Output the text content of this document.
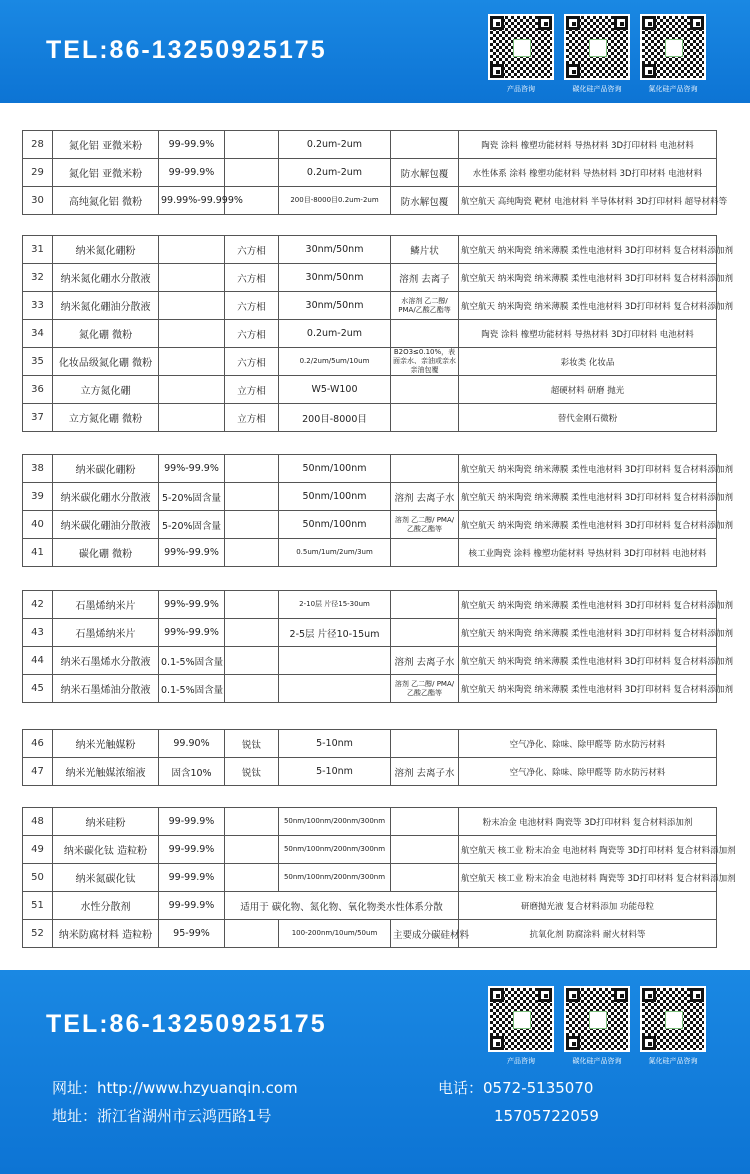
TEL:86-13250925175
产品咨询	碳化硅产品咨询	氮化硅产品咨询
28	氮化铝 亚微米粉	99-99.9%		0.2um-2um		陶瓷 涂料 橡塑功能材料 导热材料 3D打印材料 电池材料
29	氮化铝 亚微米粉	99-99.9%		0.2um-2um	防水解包覆	水性体系 涂料 橡塑功能材料 导热材料 3D打印材料 电池材料
30	高纯氮化铝 微粉	99.99%-99.999%		200目-8000目0.2um-2um	防水解包覆	航空航天 高纯陶瓷 靶材 电池材料 半导体材料 3D打印材料 超导材料等
31	纳米氮化硼粉		六方相	30nm/50nm	鳞片状	航空航天 纳米陶瓷 纳米薄膜 柔性电池材料 3D打印材料 复合材料添加剂
32	纳米氮化硼水分散液		六方相	30nm/50nm	溶剂 去离子	航空航天 纳米陶瓷 纳米薄膜 柔性电池材料 3D打印材料 复合材料添加剂
33	纳米氮化硼油分散液		六方相	30nm/50nm	水溶剂 乙二醇/ PMA/乙酸乙酯等	航空航天 纳米陶瓷 纳米薄膜 柔性电池材料 3D打印材料 复合材料添加剂
34	氮化硼 微粉		六方相	0.2um-2um		陶瓷 涂料 橡塑功能材料 导热材料 3D打印材料 电池材料
35	化妆品级氮化硼 微粉		六方相	0.2/2um/5um/10um	B2O3≤0.10%，表面亲水、亲油或亲水亲油包覆	彩妆类 化妆品
36	立方氮化硼		立方相	W5-W100		超硬材料 研磨 抛光
37	立方氮化硼 微粉		立方相	200目-8000目		替代金刚石微粉
38	纳米碳化硼粉	99%-99.9%		50nm/100nm		航空航天 纳米陶瓷 纳米薄膜 柔性电池材料 3D打印材料 复合材料添加剂
39	纳米碳化硼水分散液	5-20%固含量		50nm/100nm	溶剂 去离子水	航空航天 纳米陶瓷 纳米薄膜 柔性电池材料 3D打印材料 复合材料添加剂
40	纳米碳化硼油分散液	5-20%固含量		50nm/100nm	溶剂 乙二醇/ PMA/乙酸乙酯等	航空航天 纳米陶瓷 纳米薄膜 柔性电池材料 3D打印材料 复合材料添加剂
41	碳化硼 微粉	99%-99.9%		0.5um/1um/2um/3um		核工业陶瓷 涂料 橡塑功能材料 导热材料 3D打印材料 电池材料
42	石墨烯纳米片	99%-99.9%		2-10层 片径15-30um		航空航天 纳米陶瓷 纳米薄膜 柔性电池材料 3D打印材料 复合材料添加剂
43	石墨烯纳米片	99%-99.9%		2-5层 片径10-15um		航空航天 纳米陶瓷 纳米薄膜 柔性电池材料 3D打印材料 复合材料添加剂
44	纳米石墨烯水分散液	0.1-5%固含量			溶剂 去离子水	航空航天 纳米陶瓷 纳米薄膜 柔性电池材料 3D打印材料 复合材料添加剂
45	纳米石墨烯油分散液	0.1-5%固含量			溶剂 乙二醇/ PMA/乙酸乙酯等	航空航天 纳米陶瓷 纳米薄膜 柔性电池材料 3D打印材料 复合材料添加剂
46	纳米光触媒粉	99.90%	锐钛	5-10nm		空气净化、除味、除甲醛等 防水防污材料
47	纳米光触媒浓缩液	固含10%	锐钛	5-10nm	溶剂 去离子水	空气净化、除味、除甲醛等 防水防污材料
48	纳米硅粉	99-99.9%		50nm/100nm/200nm/300nm		粉末冶金 电池材料 陶瓷等 3D打印材料 复合材料添加剂
49	纳米碳化钛 造粒粉	99-99.9%		50nm/100nm/200nm/300nm		航空航天 核工业 粉末冶金 电池材料 陶瓷等 3D打印材料 复合材料添加剂
50	纳米氮碳化钛	99-99.9%		50nm/100nm/200nm/300nm		航空航天 核工业 粉末冶金 电池材料 陶瓷等 3D打印材料 复合材料添加剂
51	水性分散剂	99-99.9%	适用于 碳化物、氮化物、氧化物类水性体系分散			研磨抛光液 复合材料添加 功能母粒
52	纳米防腐材料 造粒粉	95-99%		100-200nm/10um/50um	主要成分碳硅材料	抗氧化剂 防腐涂料 耐火材料等
TEL:86-13250925175
产品咨询	碳化硅产品咨询	氮化硅产品咨询
网址：http://www.hzyuanqin.com
地址：浙江省湖州市云鸿西路1号
电话：0572-5135070
15705722059
